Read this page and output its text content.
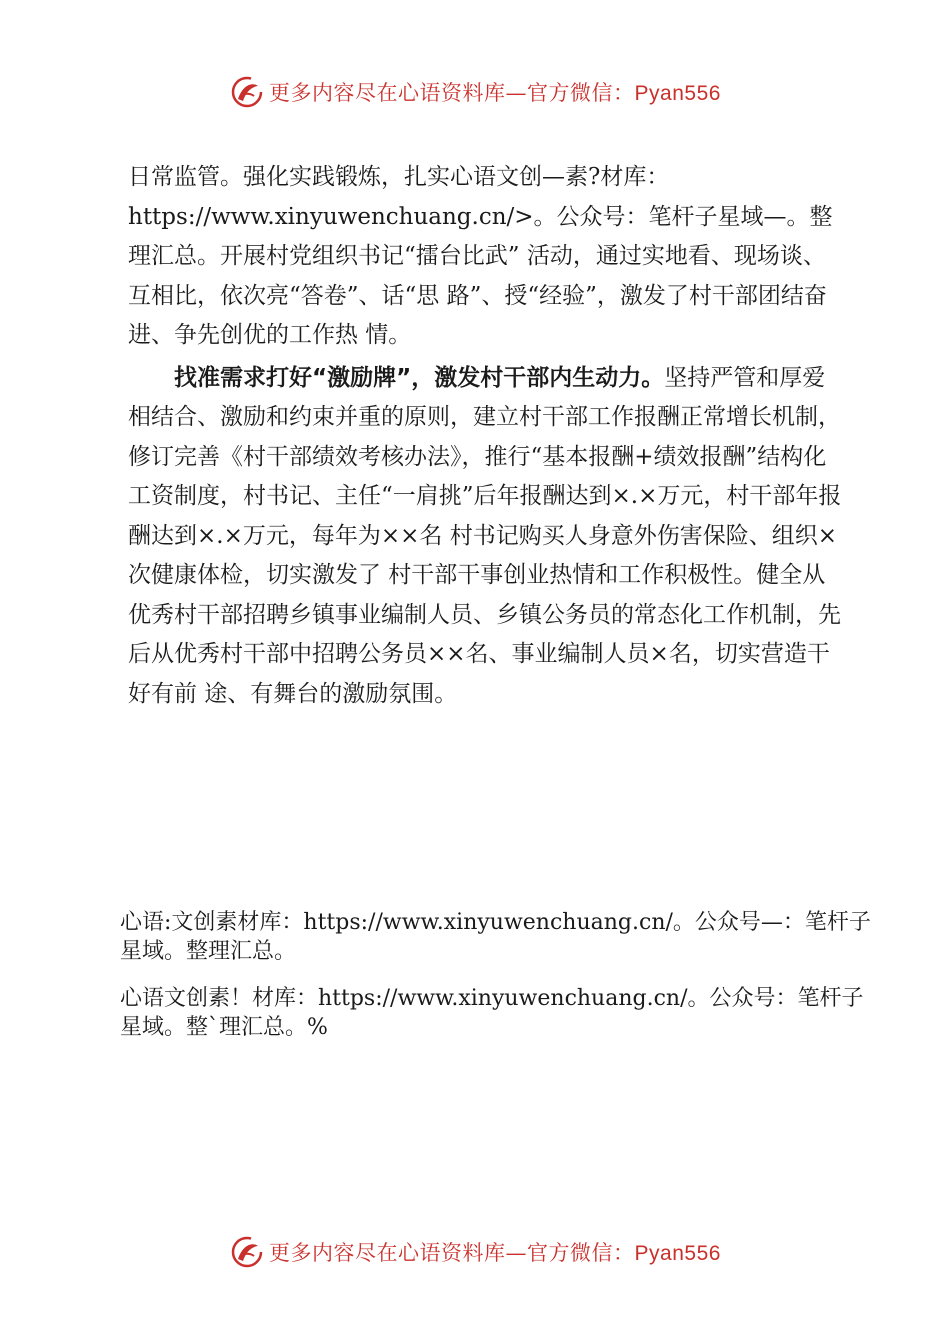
更多内容尽在心语资料库—官方微信：Pyan556

日常监管。强化实践锻炼，扎实心语文创—素?材库：https://www.xinyuwenchuang.cn/>。公众号：笔杆子星域—。整理汇总。开展村党组织书记“擂台比武” 活动，通过实地看、现场谈、互相比，依次亮“答卷”、话“思 路”、授“经验”，激发了村干部团结奋进、争先创优的工作热 情。

找准需求打好“激励牌”，激发村干部内生动力。坚持严管和厚爱相结合、激励和约束并重的原则，建立村干部工作报酬正常增长机制，修订完善《村干部绩效考核办法》，推行“基本报酬+绩效报酬”结构化工资制度，村书记、主任“一肩挑”后年报酬达到×.×万元，村干部年报酬达到×.×万元，每年为××名 村书记购买人身意外伤害保险、组织×次健康体检，切实激发了 村干部干事创业热情和工作积极性。健全从优秀村干部招聘乡镇事业编制人员、乡镇公务员的常态化工作机制，先后从优秀村干部中招聘公务员××名、事业编制人员×名，切实营造干好有前 途、有舞台的激励氛围。

心语:文创素材库：https://www.xinyuwenchuang.cn/。公众号—：笔杆子星域。整理汇总。

心语文创素！材库：https://www.xinyuwenchuang.cn/。公众号：笔杆子星域。整`理汇总。%

更多内容尽在心语资料库—官方微信：Pyan556
